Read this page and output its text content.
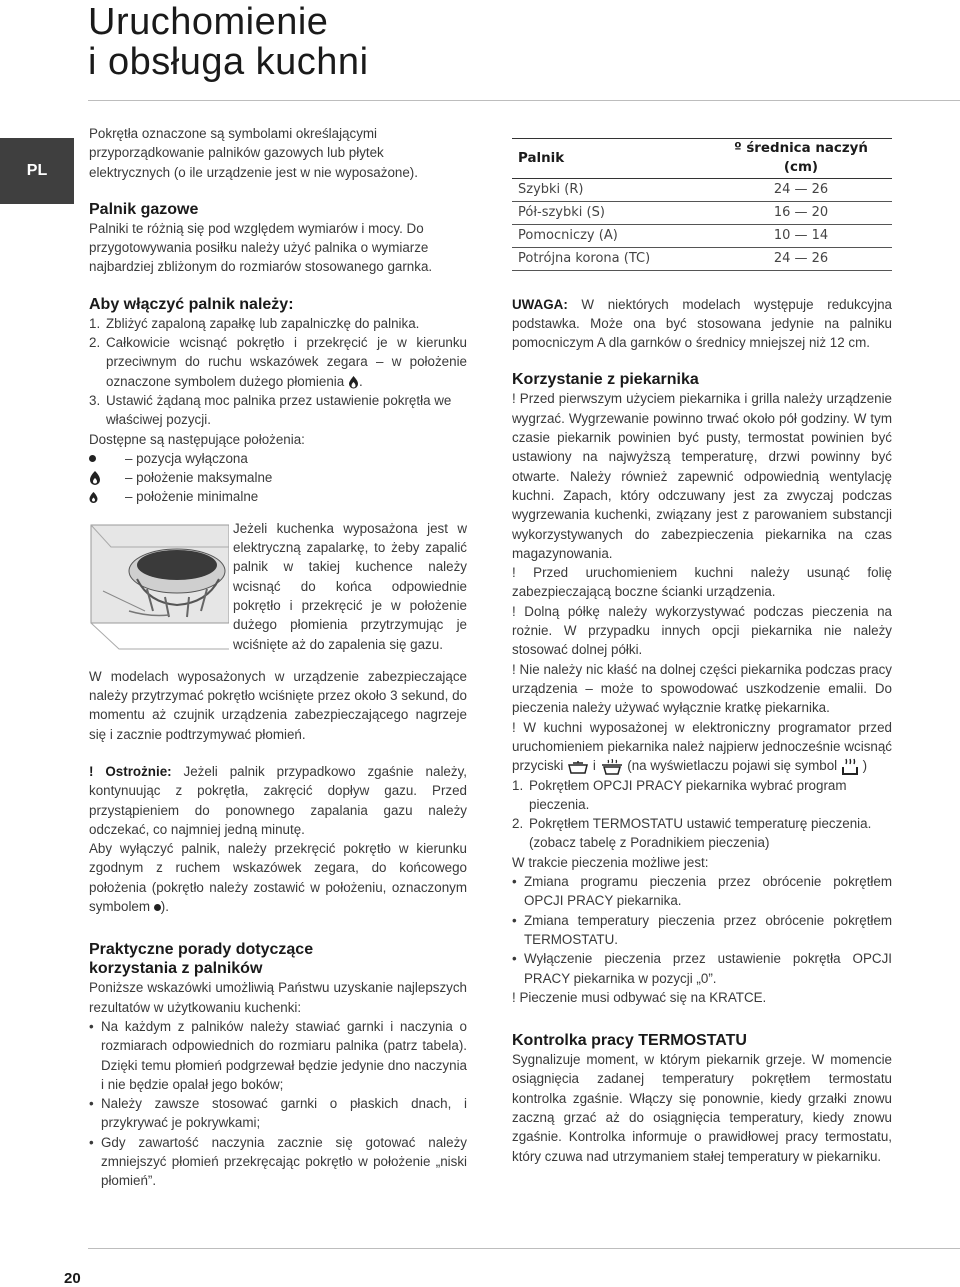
Uruchomienie
i obsługa kuchni
PL

Pokrętła oznaczone są symbolami określającymi przyporządkowanie palników gazowych lub płytek elektrycznych (o ile urządzenie jest w nie wyposażone).

Palnik gazowe

Palniki te różnią się pod względem wymiarów i mocy. Do przygotowywania posiłku należy użyć palnika o wymiarze najbardziej zbliżonym do rozmiarów stosowanego garnka.

Aby włączyć palnik należy:
1. Zbliżyć zapaloną zapałkę lub zapalniczkę do palnika.
2. Całkowicie wcisnąć pokrętło i przekręcić je w kierunku przeciwnym do ruchu wskazówek zegara – w położenie oznaczone symbolem dużego płomienia .
3. Ustawić żądaną moc palnika przez ustawienie pokrętła we właściwej pozycji.

Dostępne są następujące położenia:

– pozycja wyłączona
– położenie maksymalne
– położenie minimalne

Jeżeli kuchenka wyposażona jest w elektryczną zapalarkę, to żeby zapalić palnik w takiej kuchence należy wcisnąć do końca odpowiednie pokrętło i przekręcić je w położenie dużego płomienia przytrzymując je wciśnięte aż do zapalenia się gazu.

W modelach wyposażonych w urządzenie zabezpieczające należy przytrzymać pokrętło wciśnięte przez około 3 sekund, do momentu aż czujnik urządzenia zabezpieczającego nagrzeje się i zacznie podtrzymywać płomień.

! Ostrożnie: Jeżeli palnik przypadkowo zgaśnie należy, kontynuując z pokrętła, zakręcić dopływ gazu. Przed przystąpieniem do ponownego zapalania gazu należy odczekać, co najmniej jedną minutę.

Aby wyłączyć palnik, należy przekręcić pokrętło w kierunku zgodnym z ruchem wskazówek zegara, do końcowego położenia (pokrętło należy zostawić w położeniu, oznaczonym symbolem ).

Praktyczne porady dotyczące
korzystania z palników

Poniższe wskazówki umożliwią Państwu uzyskanie najlepszych rezultatów w użytkowaniu kuchenki:

• Na każdym z palników należy stawiać garnki i naczynia o rozmiarach odpowiednich do rozmiaru palnika (patrz tabela). Dzięki temu płomień podgrzewał będzie jedynie dno naczynia i nie będzie opalał jego boków;
• Należy zawsze stosować garnki o płaskich dnach, i przykrywać je pokrywkami;
• Gdy zawartość naczynia zacznie się gotować należy zmniejszyć płomień przekręcając pokrętło w położenie „niski płomień”.
Palnik	º średnica naczyń (cm)
Szybki (R)	24 — 26
Pół-szybki (S)	16 — 20
Pomocniczy (A)	10 — 14
Potrójna korona (TC)	24 — 26

UWAGA: W niektórych modelach występuje redukcyjna podstawka. Może ona być stosowana jedynie na palniku pomocniczym A dla garnków o średnicy mniejszej niż 12 cm.

Korzystanie z piekarnika

! Przed pierwszym użyciem piekarnika i grilla należy urządzenie wygrzać. Wygrzewanie powinno trwać około pół godziny. W tym czasie piekarnik powinien być pusty, termostat powinien być ustawiony na najwyższą temperaturę, drzwi powinny być otwarte. Należy również zapewnić odpowiednią wentylację kuchni. Zapach, który odczuwany jest za zwyczaj podczas wygrzewania kuchenki, związany jest z parowaniem substancji wykorzystywanych do zabezpieczenia piekarnika na czas magazynowania.

! Przed uruchomieniem kuchni należy usunąć folię zabezpieczającą boczne ścianki urządzenia.

! Dolną półkę należy wykorzystywać podczas pieczenia na rożnie. W przypadku innych opcji piekarnika nie należy stosować dolnej półki.

! Nie należy nic kłaść na dolnej części piekarnika podczas pracy urządzenia – może to spowodować uszkodzenie emalii. Do pieczenia należy używać wyłącznie kratkę piekarnika.

! W kuchni wyposażonej w elektroniczny programator przed uruchomieniem piekarnika należ najpierw jednocześnie wcisnąć przyciski i (na wyświetlaczu pojawi się symbol )

1. Pokrętłem OPCJI PRACY piekarnika wybrać program pieczenia.
2. Pokrętłem TERMOSTATU ustawić temperaturę pieczenia. (zobacz tabelę z Poradnikiem pieczenia)

W trakcie pieczenia możliwe jest:

• Zmiana programu pieczenia przez obrócenie pokrętłem OPCJI PRACY piekarnika.
• Zmiana temperatury pieczenia przez obrócenie pokrętłem TERMOSTATU.
• Wyłączenie pieczenia przez ustawienie pokrętła OPCJI PRACY piekarnika w pozycji „0”.

! Pieczenie musi odbywać się na KRATCE.

Kontrolka pracy TERMOSTATU

Sygnalizuje moment, w którym piekarnik grzeje. W momencie osiągnięcia zadanej temperatury pokrętłem termostatu kontrolka zgaśnie. Włączy się ponownie, kiedy grzałki znowu zaczną grzać aż do osiągnięcia temperatury, kiedy znowu zgaśnie. Kontrolka informuje o prawidłowej pracy termostatu, który czuwa nad utrzymaniem stałej temperatury w piekarniku.

20
